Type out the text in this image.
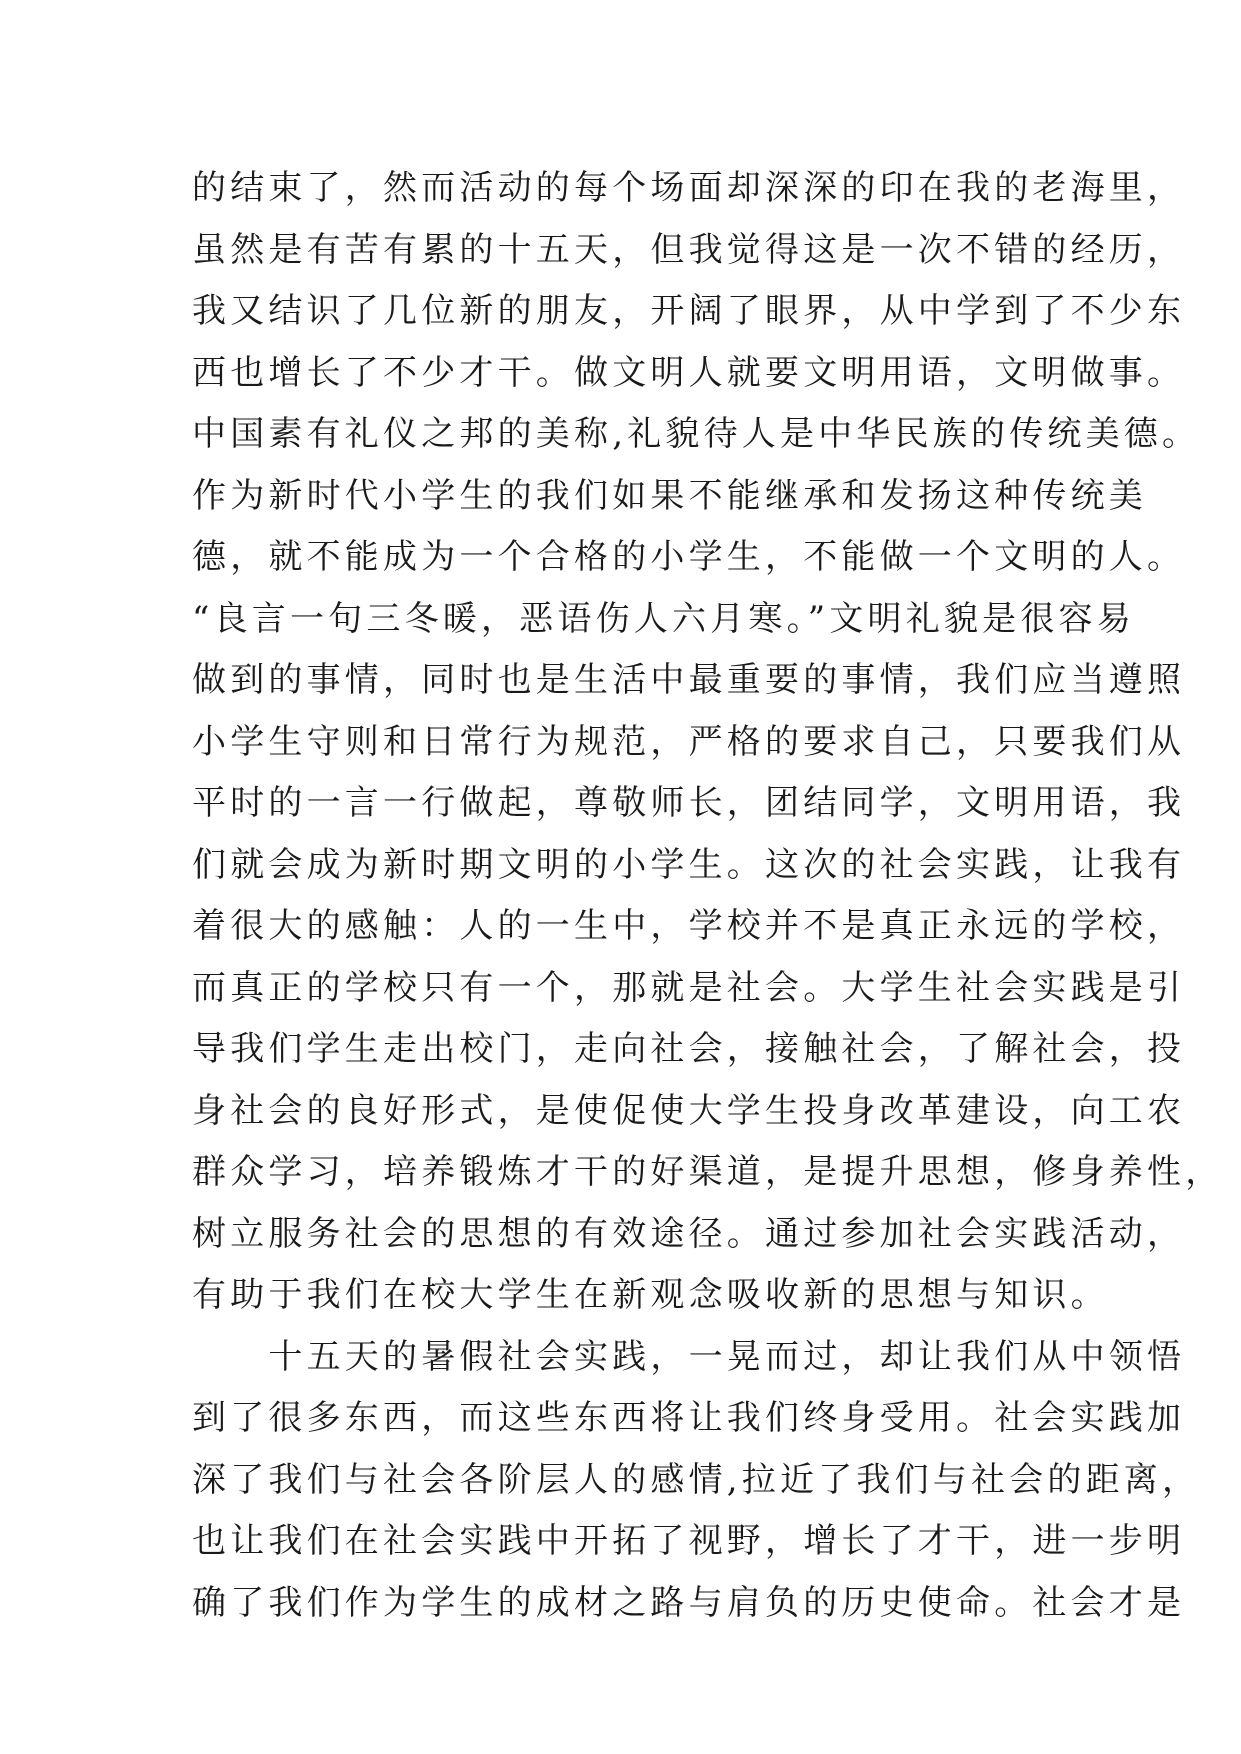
的结束了，然而活动的每个场面却深深的印在我的老海里，
虽然是有苦有累的十五天，但我觉得这是一次不错的经历，
我又结识了几位新的朋友，开阔了眼界，从中学到了不少东
西也增长了不少才干。做文明人就要文明用语，文明做事。
中国素有礼仪之邦的美称,礼貌待人是中华民族的传统美德。
作为新时代小学生的我们如果不能继承和发扬这种传统美
德，就不能成为一个合格的小学生，不能做一个文明的人。
“良言一句三冬暖，恶语伤人六月寒。”文明礼貌是很容易
做到的事情，同时也是生活中最重要的事情，我们应当遵照
小学生守则和日常行为规范，严格的要求自己，只要我们从
平时的一言一行做起，尊敬师长，团结同学，文明用语，我
们就会成为新时期文明的小学生。这次的社会实践，让我有
着很大的感触：人的一生中，学校并不是真正永远的学校，
而真正的学校只有一个，那就是社会。大学生社会实践是引
导我们学生走出校门，走向社会，接触社会，了解社会，投
身社会的良好形式，是使促使大学生投身改革建设，向工农
群众学习，培养锻炼才干的好渠道，是提升思想，修身养性，
树立服务社会的思想的有效途径。通过参加社会实践活动，
有助于我们在校大学生在新观念吸收新的思想与知识。
　　十五天的暑假社会实践，一晃而过，却让我们从中领悟
到了很多东西，而这些东西将让我们终身受用。社会实践加
深了我们与社会各阶层人的感情,拉近了我们与社会的距离，
也让我们在社会实践中开拓了视野，增长了才干，进一步明
确了我们作为学生的成材之路与肩负的历史使命。社会才是
